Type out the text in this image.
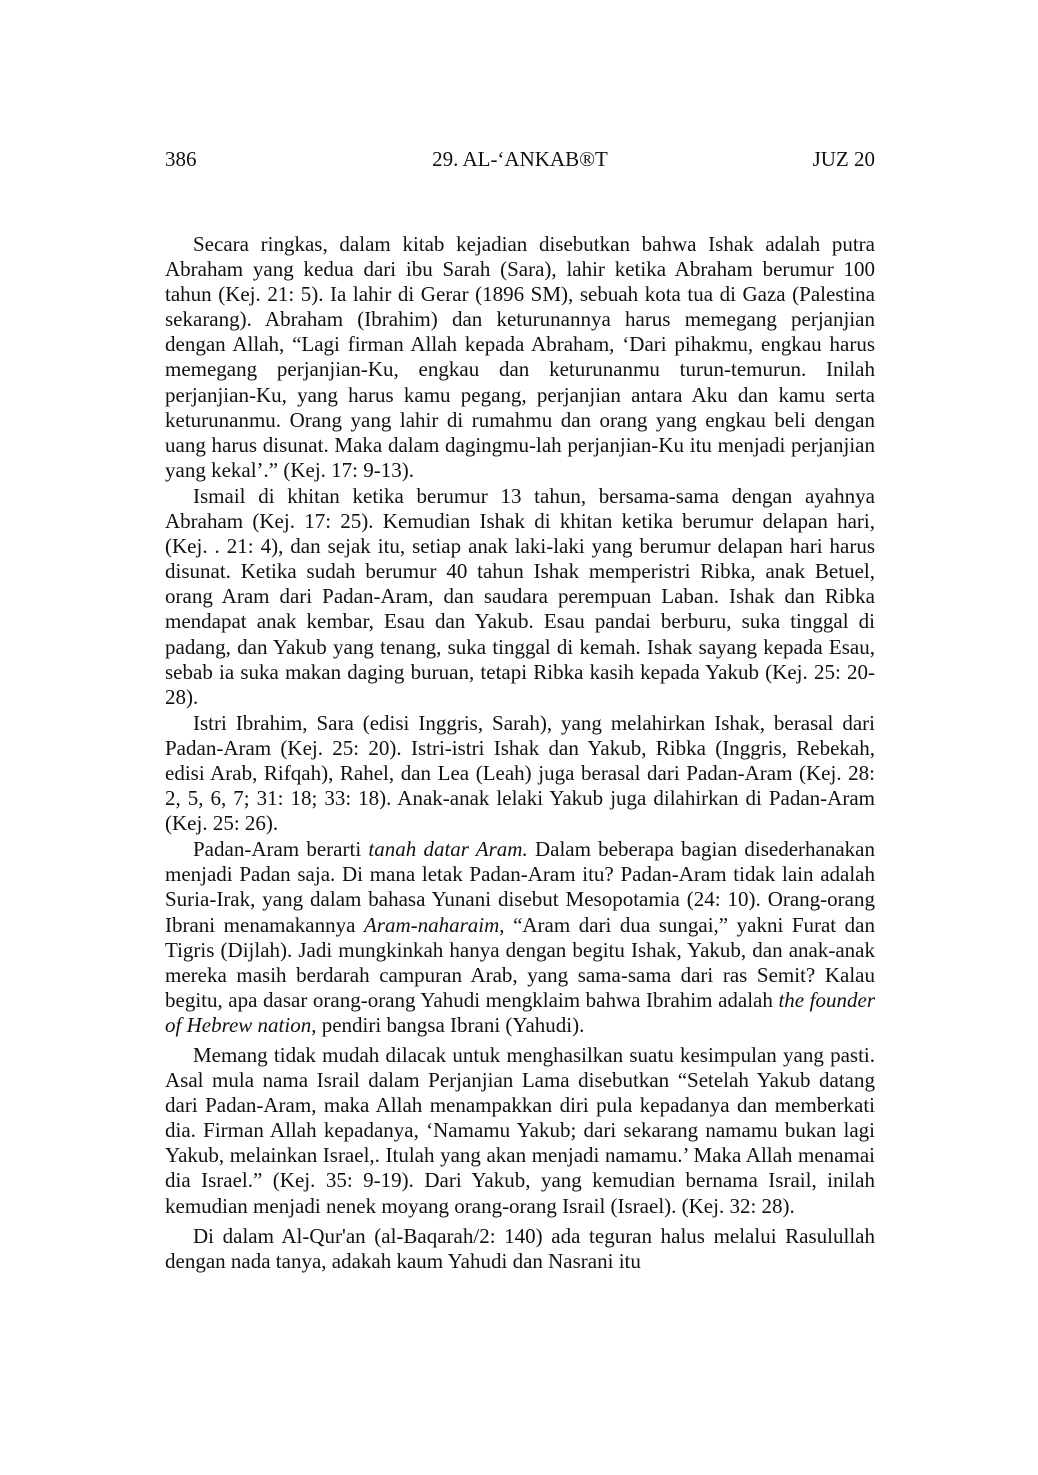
386	29. AL-‘ANKAB®T	JUZ 20

Secara ringkas, dalam kitab kejadian disebutkan bahwa Ishak adalah putra Abraham yang kedua dari ibu Sarah (Sara), lahir ketika Abraham berumur 100 tahun (Kej. 21: 5). Ia lahir di Gerar (1896 SM), sebuah kota tua di Gaza (Palestina sekarang). Abraham (Ibrahim) dan keturunannya harus memegang perjanjian dengan Allah, “Lagi firman Allah kepada Abraham, ‘Dari pihakmu, engkau harus memegang perjanjian-Ku, engkau dan keturunanmu turun-temurun. Inilah perjanjian-Ku, yang harus kamu pegang, perjanjian antara Aku dan kamu serta keturunanmu. Orang yang lahir di rumahmu dan orang yang engkau beli dengan uang harus disunat. Maka dalam dagingmu-lah perjanjian-Ku itu menjadi perjanjian yang kekal’.” (Kej. 17: 9-13).

Ismail di khitan ketika berumur 13 tahun, bersama-sama dengan ayahnya Abraham (Kej. 17: 25). Kemudian Ishak di khitan ketika berumur delapan hari, (Kej. . 21: 4), dan sejak itu, setiap anak laki-laki yang berumur delapan hari harus disunat. Ketika sudah berumur 40 tahun Ishak memperistri Ribka, anak Betuel, orang Aram dari Padan-Aram, dan saudara perempuan Laban. Ishak dan Ribka mendapat anak kembar, Esau dan Yakub. Esau pandai berburu, suka tinggal di padang, dan Yakub yang tenang, suka tinggal di kemah. Ishak sayang kepada Esau, sebab ia suka makan daging buruan, tetapi Ribka kasih kepada Yakub (Kej. 25: 20-28).

Istri Ibrahim, Sara (edisi Inggris, Sarah), yang melahirkan Ishak, berasal dari Padan-Aram (Kej. 25: 20). Istri-istri Ishak dan Yakub, Ribka (Inggris, Rebekah, edisi Arab, Rifqah), Rahel, dan Lea (Leah) juga berasal dari Padan-Aram (Kej. 28: 2, 5, 6, 7; 31: 18; 33: 18). Anak-anak lelaki Yakub juga dilahirkan di Padan-Aram (Kej. 25: 26).

Padan-Aram berarti tanah datar Aram. Dalam beberapa bagian disederhanakan menjadi Padan saja. Di mana letak Padan-Aram itu? Padan-Aram tidak lain adalah Suria-Irak, yang dalam bahasa Yunani disebut Mesopotamia (24: 10). Orang-orang Ibrani menamakannya Aram-naharaim, “Aram dari dua sungai,” yakni Furat dan Tigris (Dijlah). Jadi mungkinkah hanya dengan begitu Ishak, Yakub, dan anak-anak mereka masih berdarah campuran Arab, yang sama-sama dari ras Semit? Kalau begitu, apa dasar orang-orang Yahudi mengklaim bahwa Ibrahim adalah the founder of Hebrew nation, pendiri bangsa Ibrani (Yahudi).

Memang tidak mudah dilacak untuk menghasilkan suatu kesimpulan yang pasti. Asal mula nama Israil dalam Perjanjian Lama disebutkan “Setelah Yakub datang dari Padan-Aram, maka Allah menampakkan diri pula kepadanya dan memberkati dia. Firman Allah kepadanya, ‘Namamu Yakub; dari sekarang namamu bukan lagi Yakub, melainkan Israel,. Itulah yang akan menjadi namamu.’ Maka Allah menamai dia Israel.” (Kej. 35: 9-19). Dari Yakub, yang kemudian bernama Israil, inilah kemudian menjadi nenek moyang orang-orang Israil (Israel). (Kej. 32: 28).

Di dalam Al-Qur'an (al-Baqarah/2: 140) ada teguran halus melalui Rasulullah dengan nada tanya, adakah kaum Yahudi dan Nasrani itu
